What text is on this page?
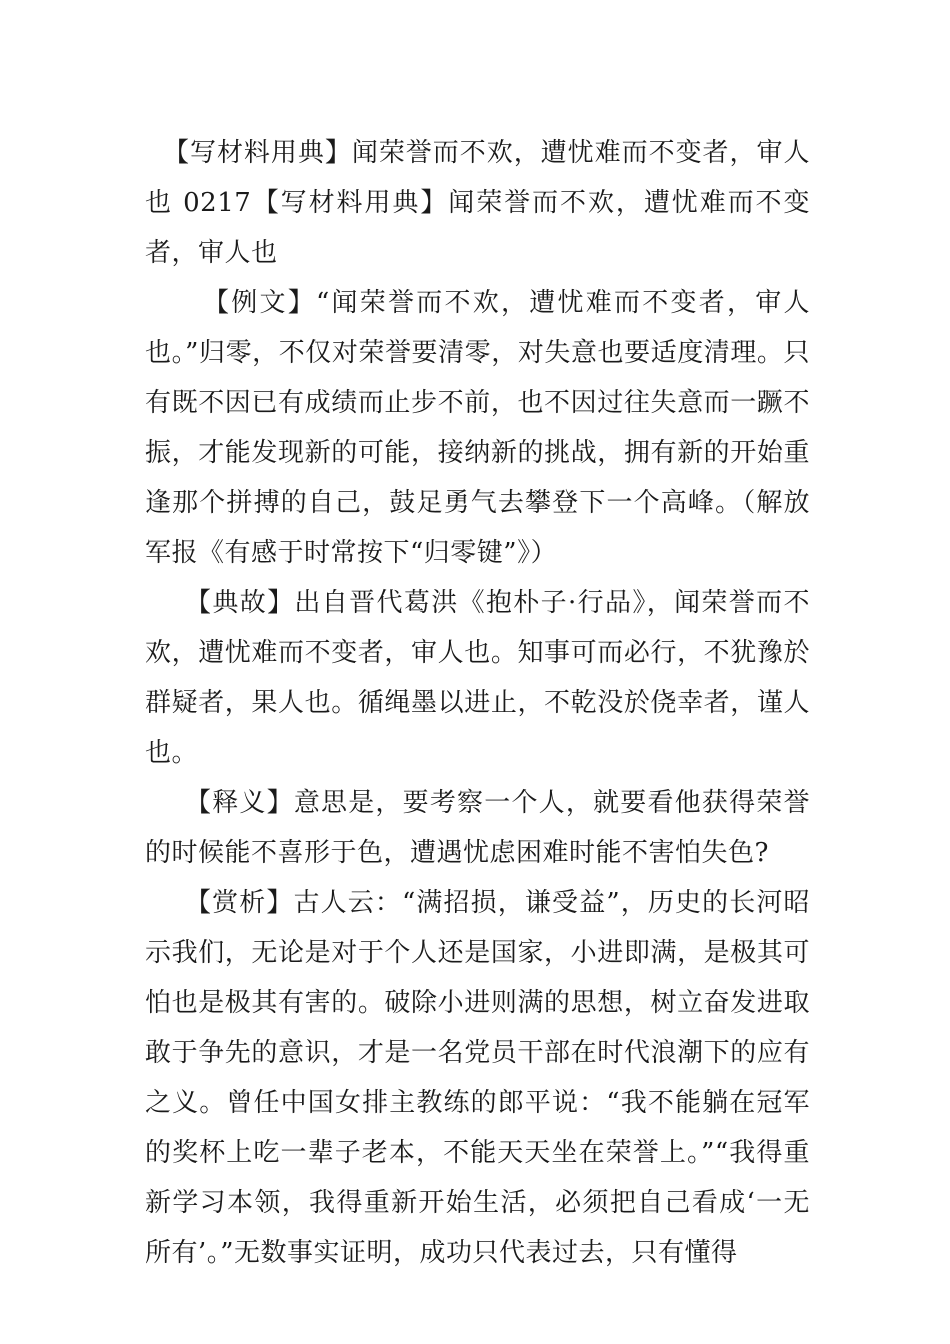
【写材料用典】闻荣誉而不欢，遭忧难而不变者，审人也 0217【写材料用典】闻荣誉而不欢，遭忧难而不变者，审人也

【例文】“闻荣誉而不欢，遭忧难而不变者，审人也。”归零，不仅对荣誉要清零，对失意也要适度清理。只有既不因已有成绩而止步不前，也不因过往失意而一蹶不振，才能发现新的可能，接纳新的挑战，拥有新的开始重逢那个拼搏的自己，鼓足勇气去攀登下一个高峰。（解放军报《有感于时常按下“归零键”》）

【典故】出自晋代葛洪《抱朴子·行品》，闻荣誉而不欢，遭忧难而不变者，审人也。知事可而必行，不犹豫於群疑者，果人也。循绳墨以进止，不乾没於侥幸者，谨人也。

【释义】意思是，要考察一个人，就要看他获得荣誉的时候能不喜形于色，遭遇忧虑困难时能不害怕失色?

【赏析】古人云：“满招损，谦受益”，历史的长河昭示我们，无论是对于个人还是国家，小进即满，是极其可怕也是极其有害的。破除小进则满的思想，树立奋发进取敢于争先的意识，才是一名党员干部在时代浪潮下的应有之义。曾任中国女排主教练的郎平说：“我不能躺在冠军的奖杯上吃一辈子老本，不能天天坐在荣誉上。”“我得重新学习本领，我得重新开始生活，必须把自己看成‘一无所有’。”无数事实证明，成功只代表过去，只有懂得
